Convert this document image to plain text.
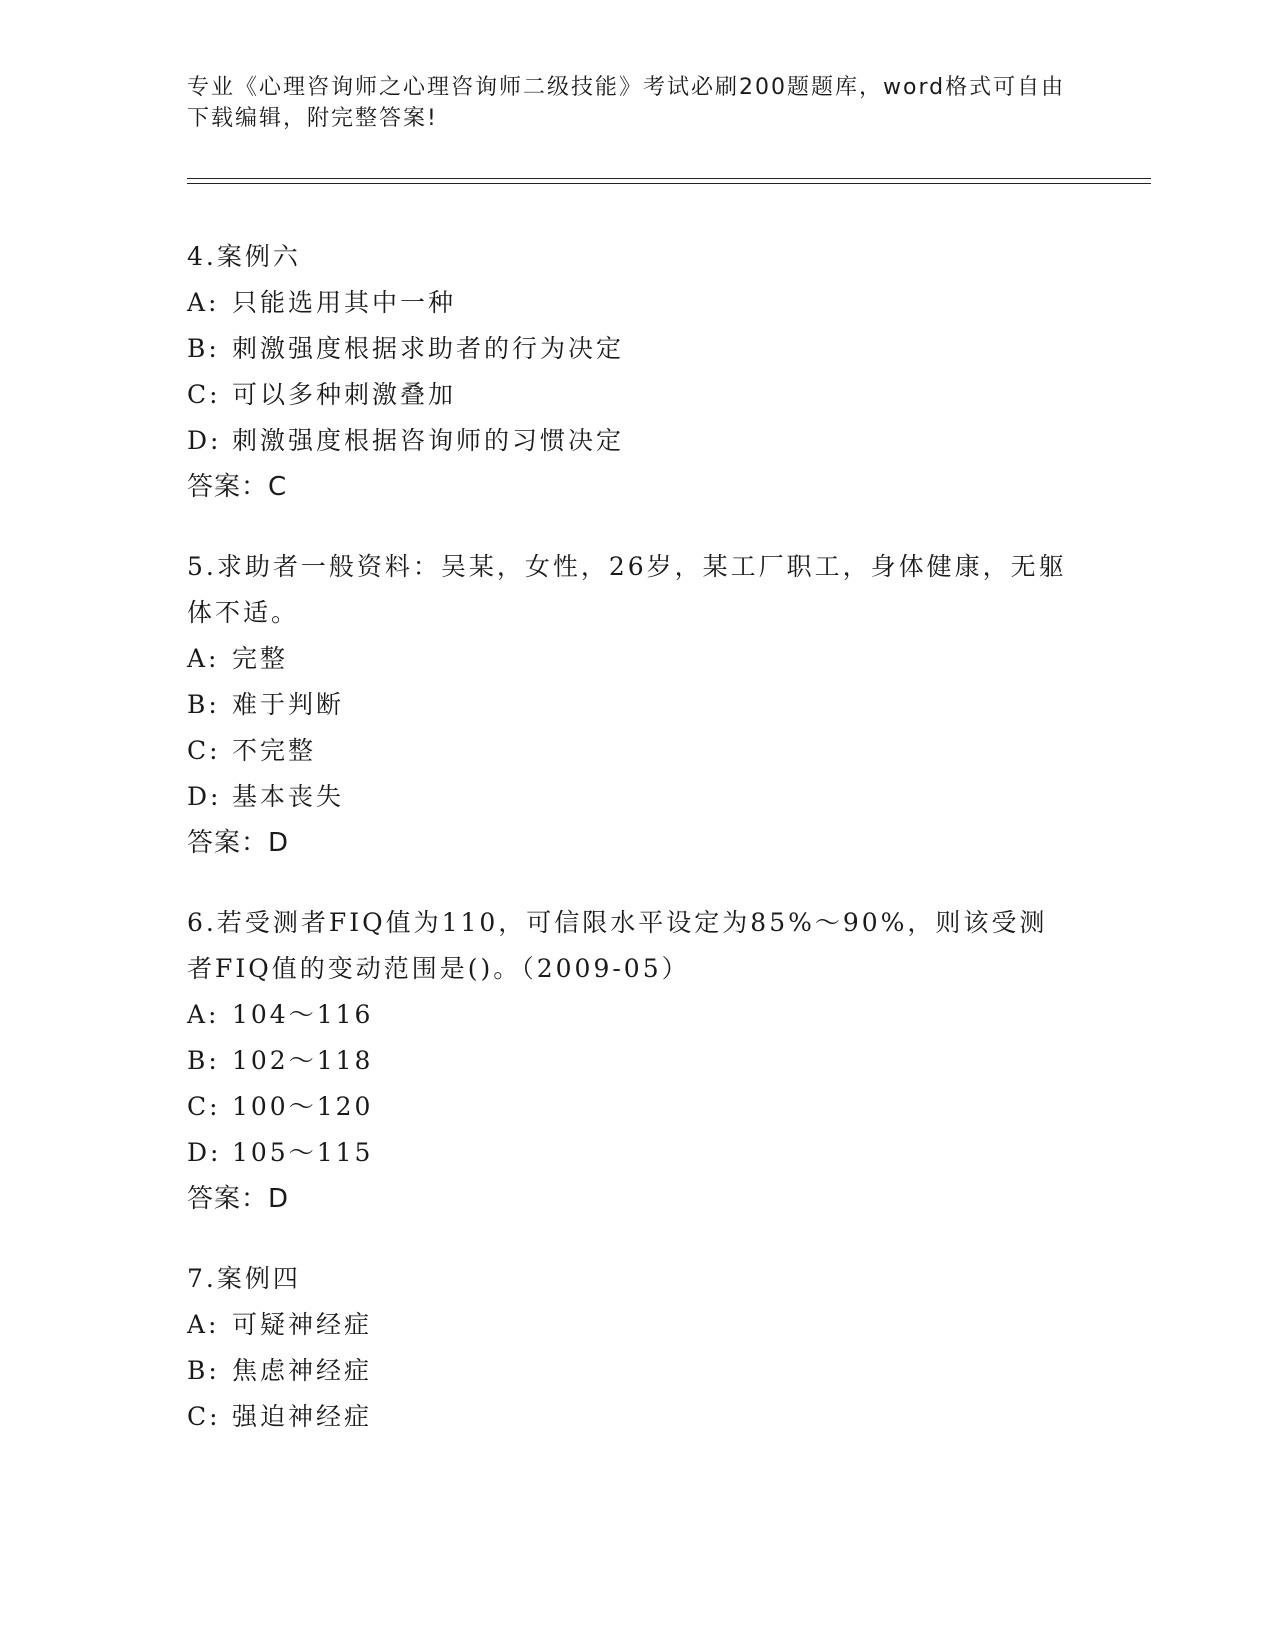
专业《心理咨询师之心理咨询师二级技能》考试必刷200题题库，word格式可自由下载编辑，附完整答案!
4.案例六
A: 只能选用其中一种
B: 刺激强度根据求助者的行为决定
C: 可以多种刺激叠加
D: 刺激强度根据咨询师的习惯决定
答案：C
5.求助者一般资料：吴某，女性，26岁，某工厂职工，身体健康，无躯体不适。
A: 完整
B: 难于判断
C: 不完整
D: 基本丧失
答案：D
6.若受测者FIQ值为110，可信限水平设定为85%～90%，则该受测者FIQ值的变动范围是()。（2009-05）
A: 104～116
B: 102～118
C: 100～120
D: 105～115
答案：D
7.案例四
A: 可疑神经症
B: 焦虑神经症
C: 强迫神经症
